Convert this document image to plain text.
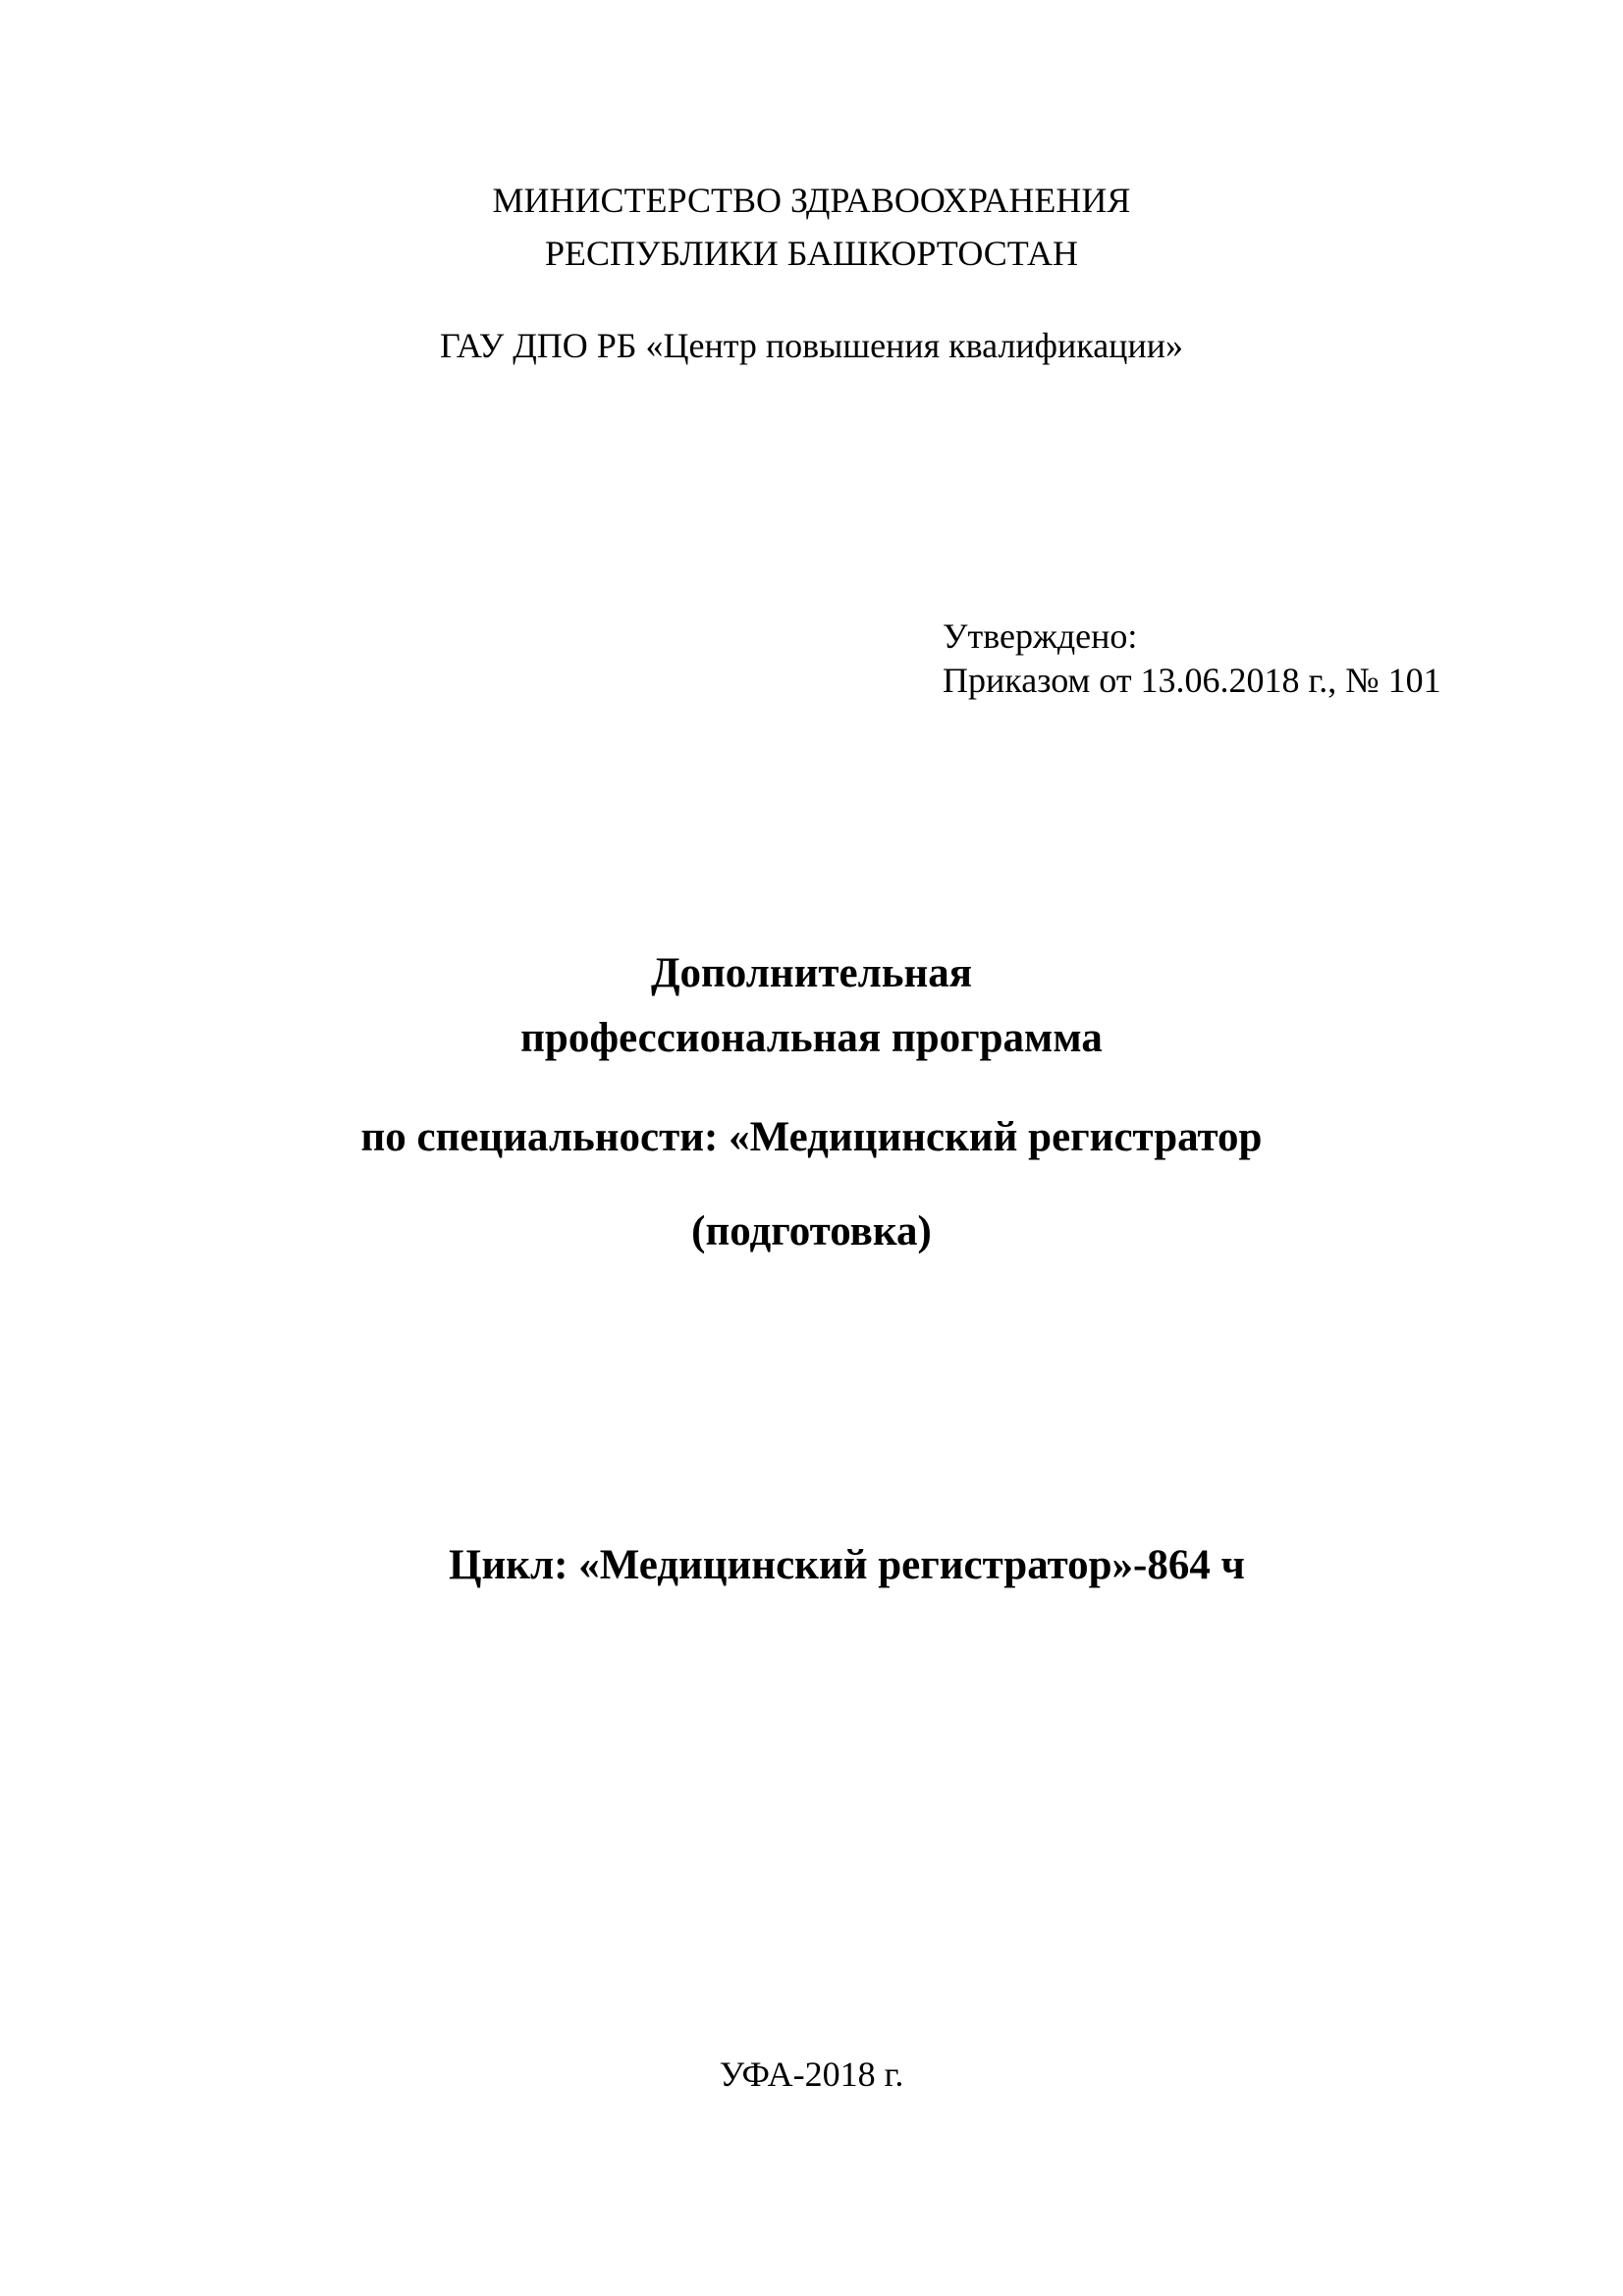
МИНИСТЕРСТВО ЗДРАВООХРАНЕНИЯ
РЕСПУБЛИКИ БАШКОРТОСТАН
ГАУ ДПО РБ «Центр повышения квалификации»
Утверждено:
Приказом от 13.06.2018 г., № 101
Дополнительная
профессиональная программа
по специальности: «Медицинский регистратор
(подготовка)
Цикл: «Медицинский регистратор»-864 ч
УФА-2018 г.
